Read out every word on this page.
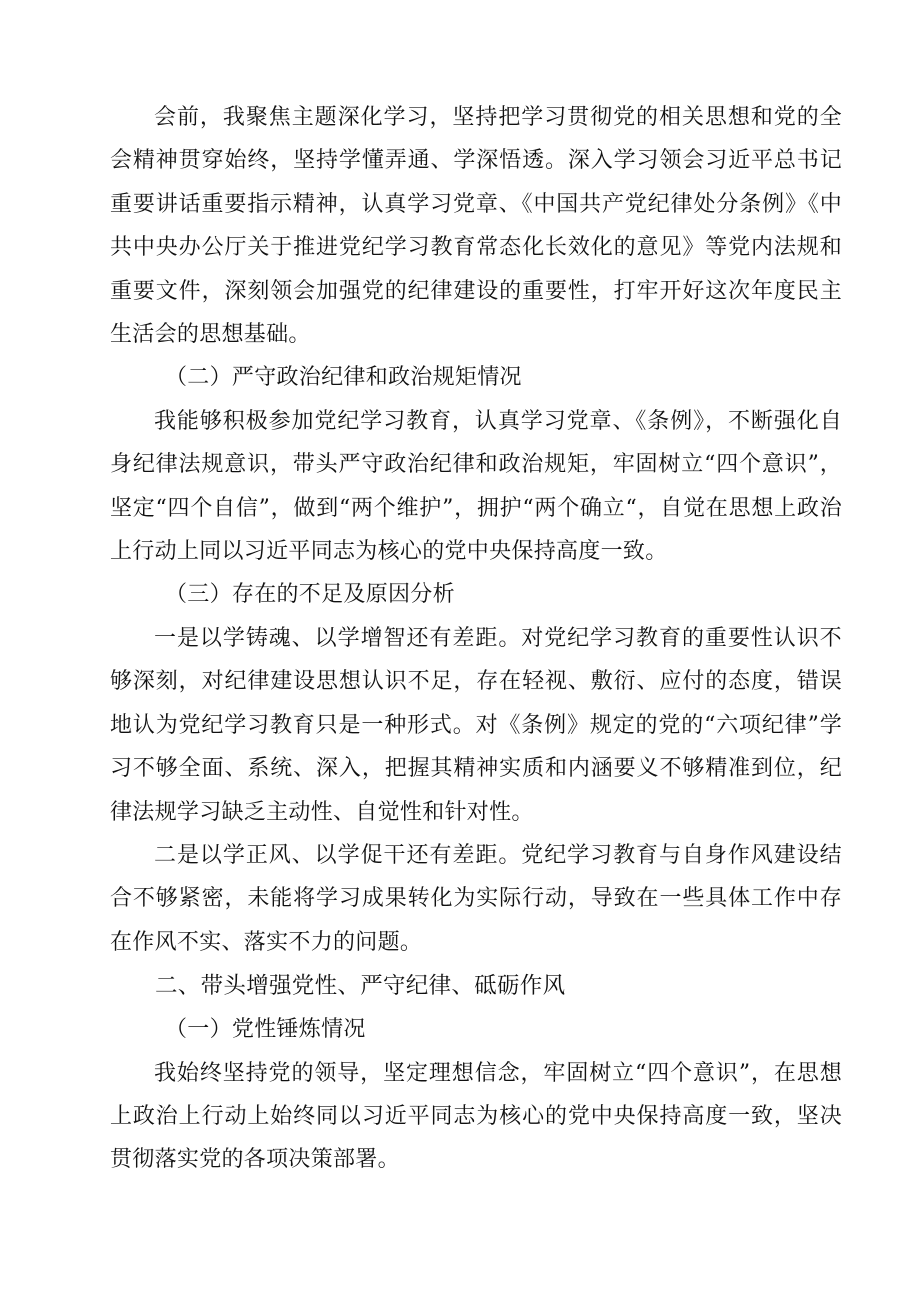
会前，我聚焦主题深化学习，坚持把学习贯彻党的相关思想和党的全会精神贯穿始终，坚持学懂弄通、学深悟透。深入学习领会习近平总书记重要讲话重要指示精神，认真学习党章、《中国共产党纪律处分条例》《中共中央办公厅关于推进党纪学习教育常态化长效化的意见》等党内法规和重要文件，深刻领会加强党的纪律建设的重要性，打牢开好这次年度民主生活会的思想基础。

（二）严守政治纪律和政治规矩情况

我能够积极参加党纪学习教育，认真学习党章、《条例》，不断强化自身纪律法规意识，带头严守政治纪律和政治规矩，牢固树立“四个意识”，坚定“四个自信”，做到“两个维护”，拥护“两个确立“，自觉在思想上政治上行动上同以习近平同志为核心的党中央保持高度一致。

（三）存在的不足及原因分析

一是以学铸魂、以学增智还有差距。对党纪学习教育的重要性认识不够深刻，对纪律建设思想认识不足，存在轻视、敷衍、应付的态度，错误地认为党纪学习教育只是一种形式。对《条例》规定的党的“六项纪律”学习不够全面、系统、深入，把握其精神实质和内涵要义不够精准到位，纪律法规学习缺乏主动性、自觉性和针对性。

二是以学正风、以学促干还有差距。党纪学习教育与自身作风建设结合不够紧密，未能将学习成果转化为实际行动，导致在一些具体工作中存在作风不实、落实不力的问题。

二、带头增强党性、严守纪律、砥砺作风

（一）党性锤炼情况

我始终坚持党的领导，坚定理想信念，牢固树立“四个意识”，在思想上政治上行动上始终同以习近平同志为核心的党中央保持高度一致，坚决贯彻落实党的各项决策部署。
